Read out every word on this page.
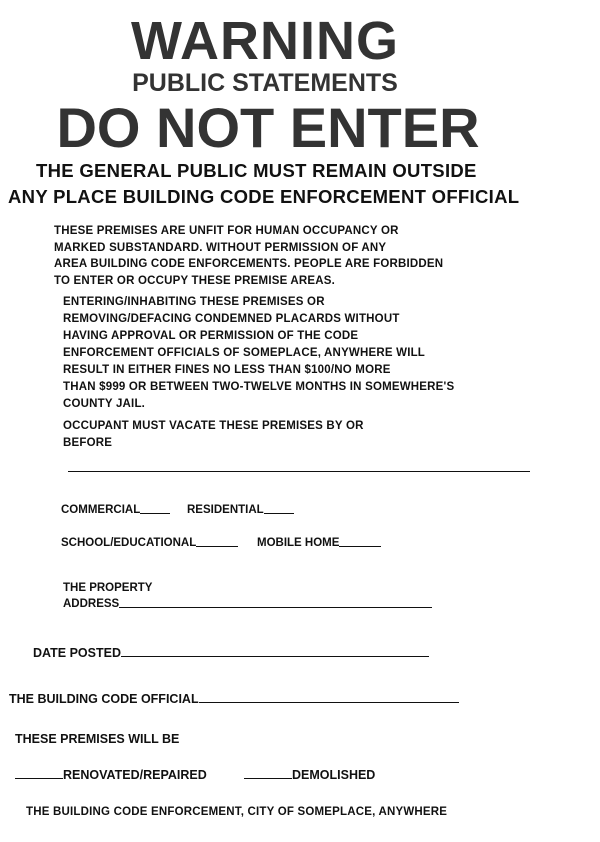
WARNING
PUBLIC STATEMENTS
DO NOT ENTER
THE GENERAL PUBLIC MUST REMAIN OUTSIDE
ANY PLACE BUILDING CODE ENFORCEMENT OFFICIAL
THESE PREMISES ARE UNFIT FOR HUMAN OCCUPANCY OR
MARKED SUBSTANDARD. WITHOUT PERMISSION OF ANY
AREA BUILDING CODE ENFORCEMENTS. PEOPLE ARE FORBIDDEN
TO ENTER OR OCCUPY THESE PREMISE AREAS.
ENTERING/INHABITING THESE PREMISES OR
REMOVING/DEFACING CONDEMNED PLACARDS WITHOUT
HAVING APPROVAL OR PERMISSION OF THE CODE
ENFORCEMENT OFFICIALS OF SOMEPLACE, ANYWHERE WILL
RESULT IN EITHER FINES NO LESS THAN $100/NO MORE
THAN $999 OR BETWEEN TWO-TWELVE MONTHS IN SOMEWHERE'S
COUNTY JAIL.
OCCUPANT MUST VACATE THESE PREMISES BY OR
BEFORE
COMMERCIAL	RESIDENTIAL
SCHOOL/EDUCATIONAL	MOBILE HOME
THE PROPERTY
ADDRESS
DATE POSTED
THE BUILDING CODE OFFICIAL
THESE PREMISES WILL BE
RENOVATED/REPAIRED	DEMOLISHED
THE BUILDING CODE ENFORCEMENT, CITY OF SOMEPLACE, ANYWHERE
